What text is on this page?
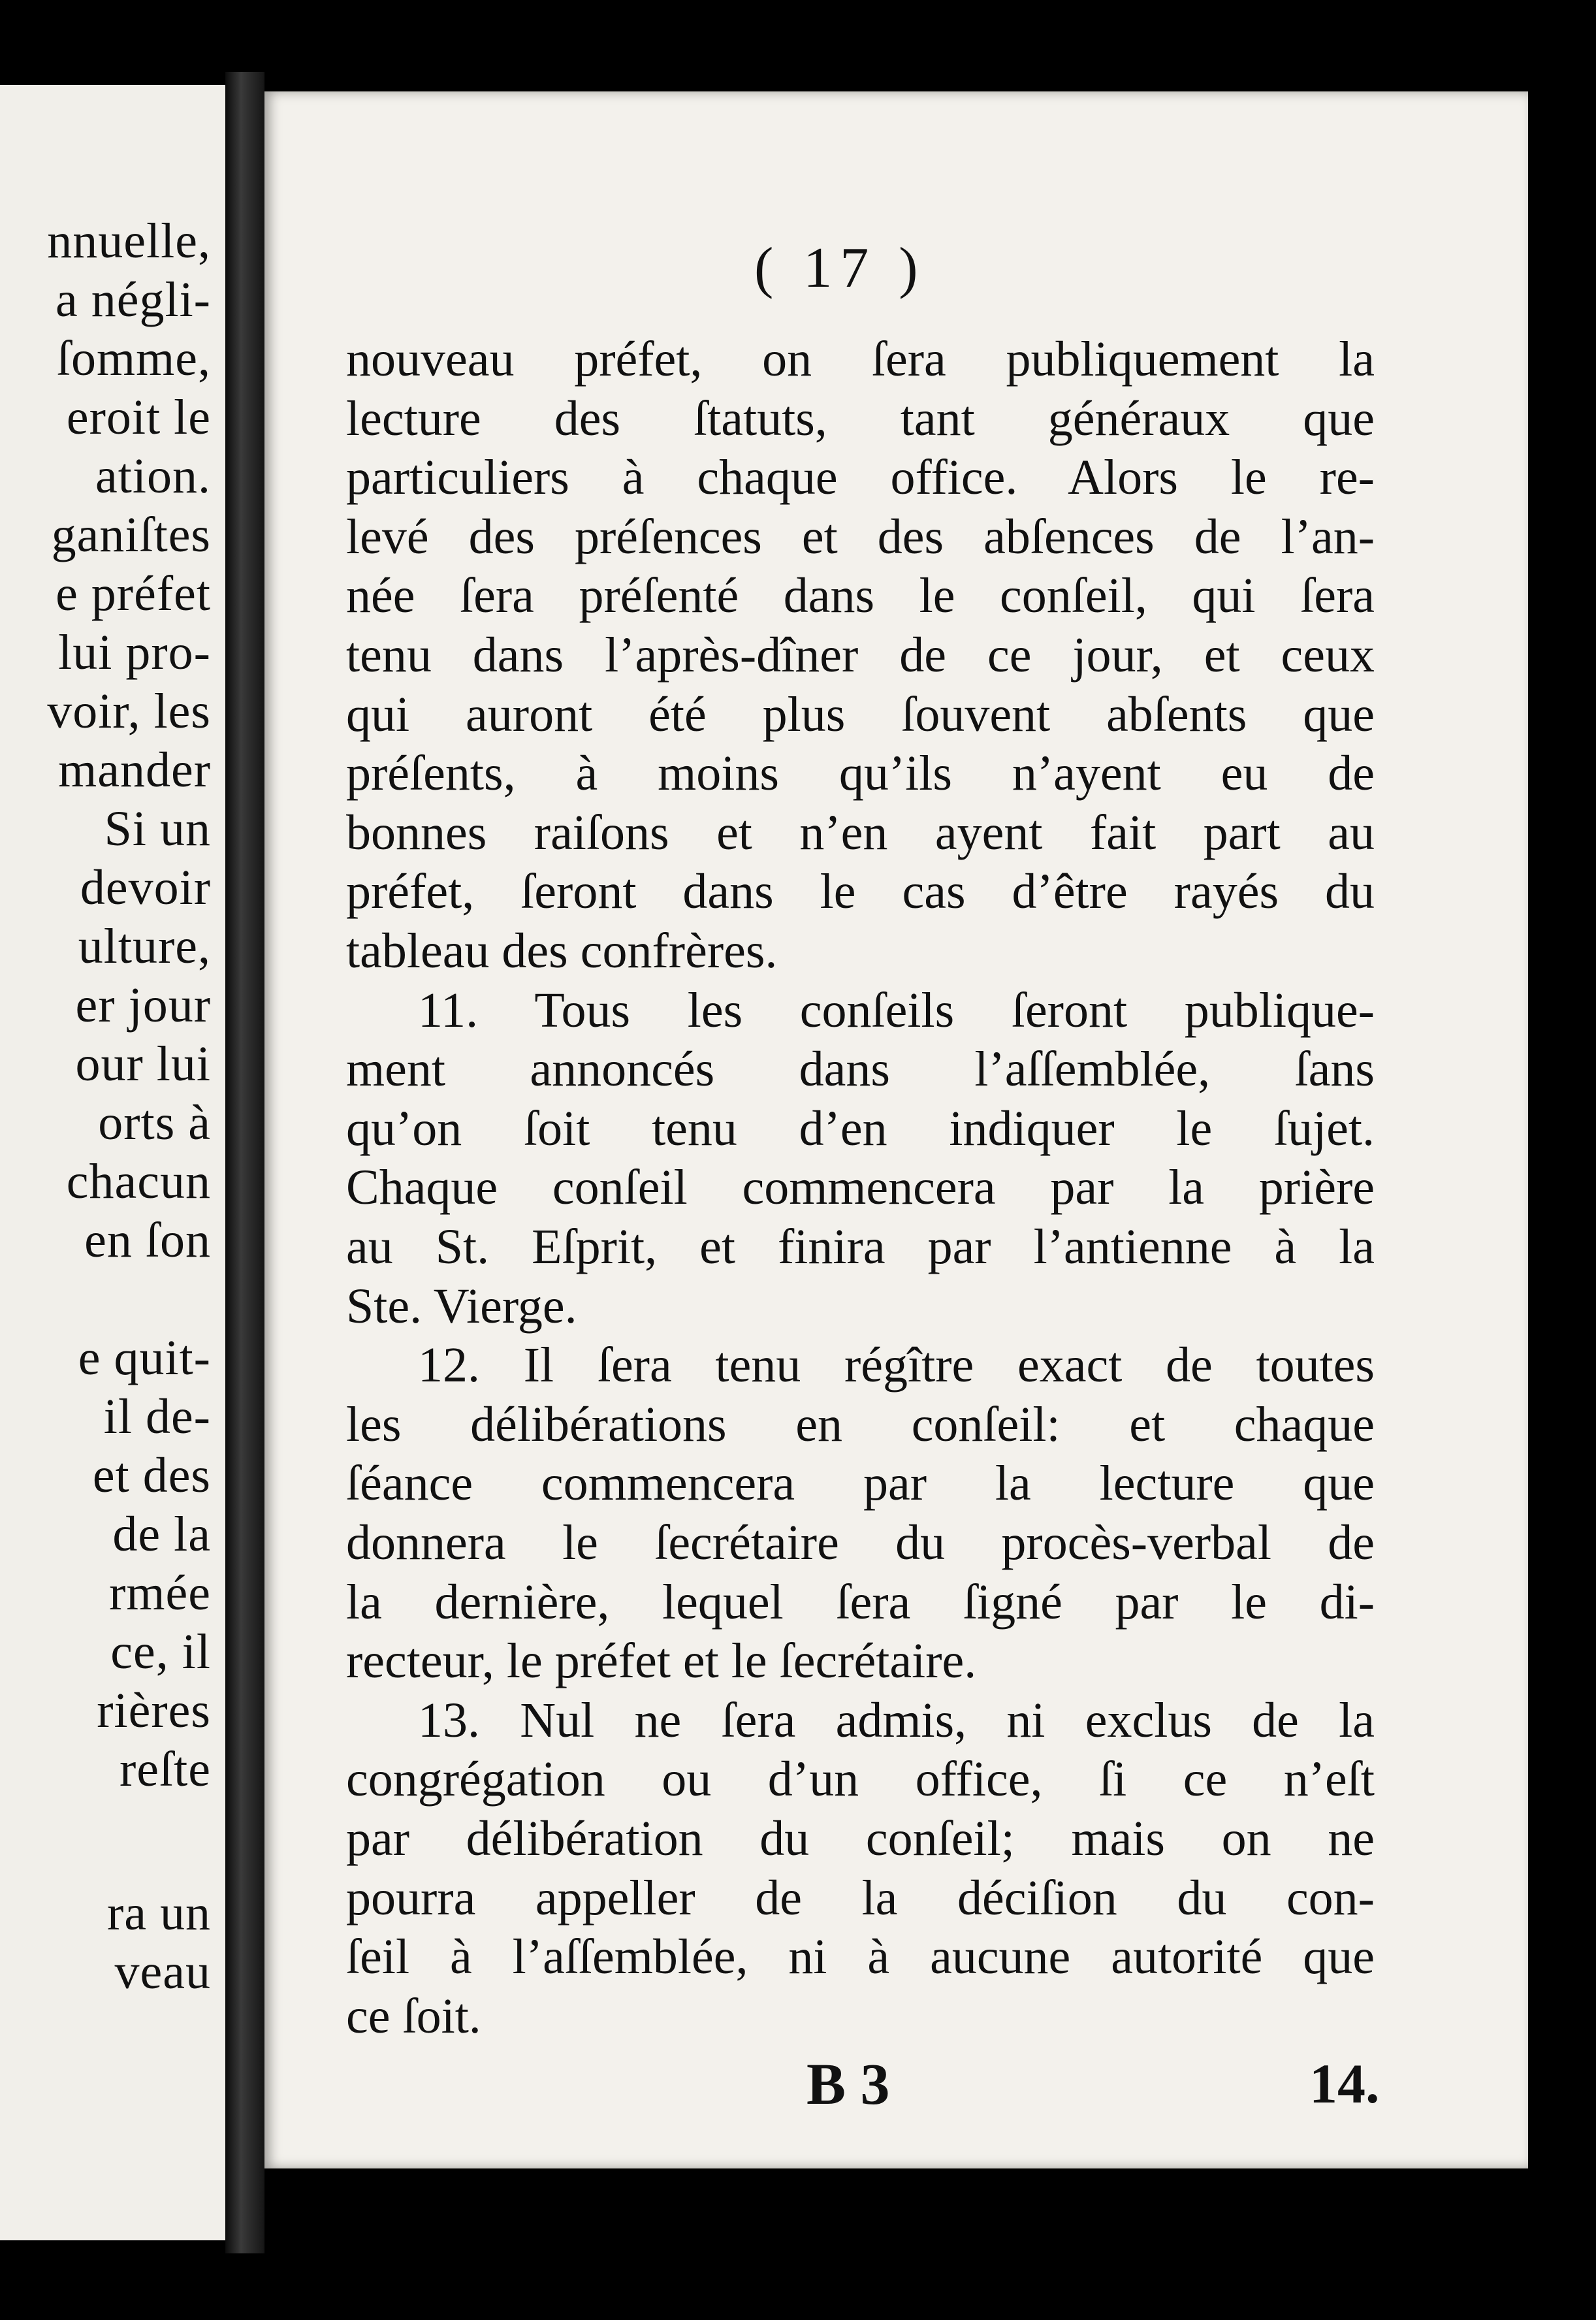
nnuelle,
a négli-
ſomme,
eroit le
ation.
ganiſtes
e préfet
lui pro-
voir, les
mander
Si un
devoir
ulture,
er jour
our lui
orts à
chacun
en ſon
e quit-
il de-
et des
de la
rmée
ce, il
rières
reſte
ra un
veau
( 17 )
nouveau préfet, on ſera publiquement la
lecture des ſtatuts, tant généraux que
particuliers à chaque office. Alors le re-
levé des préſences et des abſences de l’an-
née ſera préſenté dans le conſeil, qui ſera
tenu dans l’après-dîner de ce jour, et ceux
qui auront été plus ſouvent abſents que
préſents, à moins qu’ils n’ayent eu de
bonnes raiſons et n’en ayent fait part au
préfet, ſeront dans le cas d’être rayés du
tableau des confrères.
11. Tous les conſeils ſeront publique-
ment annoncés dans l’aſſemblée, ſans
qu’on ſoit tenu d’en indiquer le ſujet.
Chaque conſeil commencera par la prière
au St. Eſprit, et finira par l’antienne à la
Ste. Vierge.
12. Il ſera tenu régître exact de toutes
les délibérations en conſeil: et chaque
ſéance commencera par la lecture que
donnera le ſecrétaire du procès-verbal de
la dernière, lequel ſera ſigné par le di-
recteur, le préfet et le ſecrétaire.
13. Nul ne ſera admis, ni exclus de la
congrégation ou d’un office, ſi ce n’eſt
par délibération du conſeil; mais on ne
pourra appeller de la déciſion du con-
ſeil à l’aſſemblée, ni à aucune autorité que
ce ſoit.
B 3	14.
